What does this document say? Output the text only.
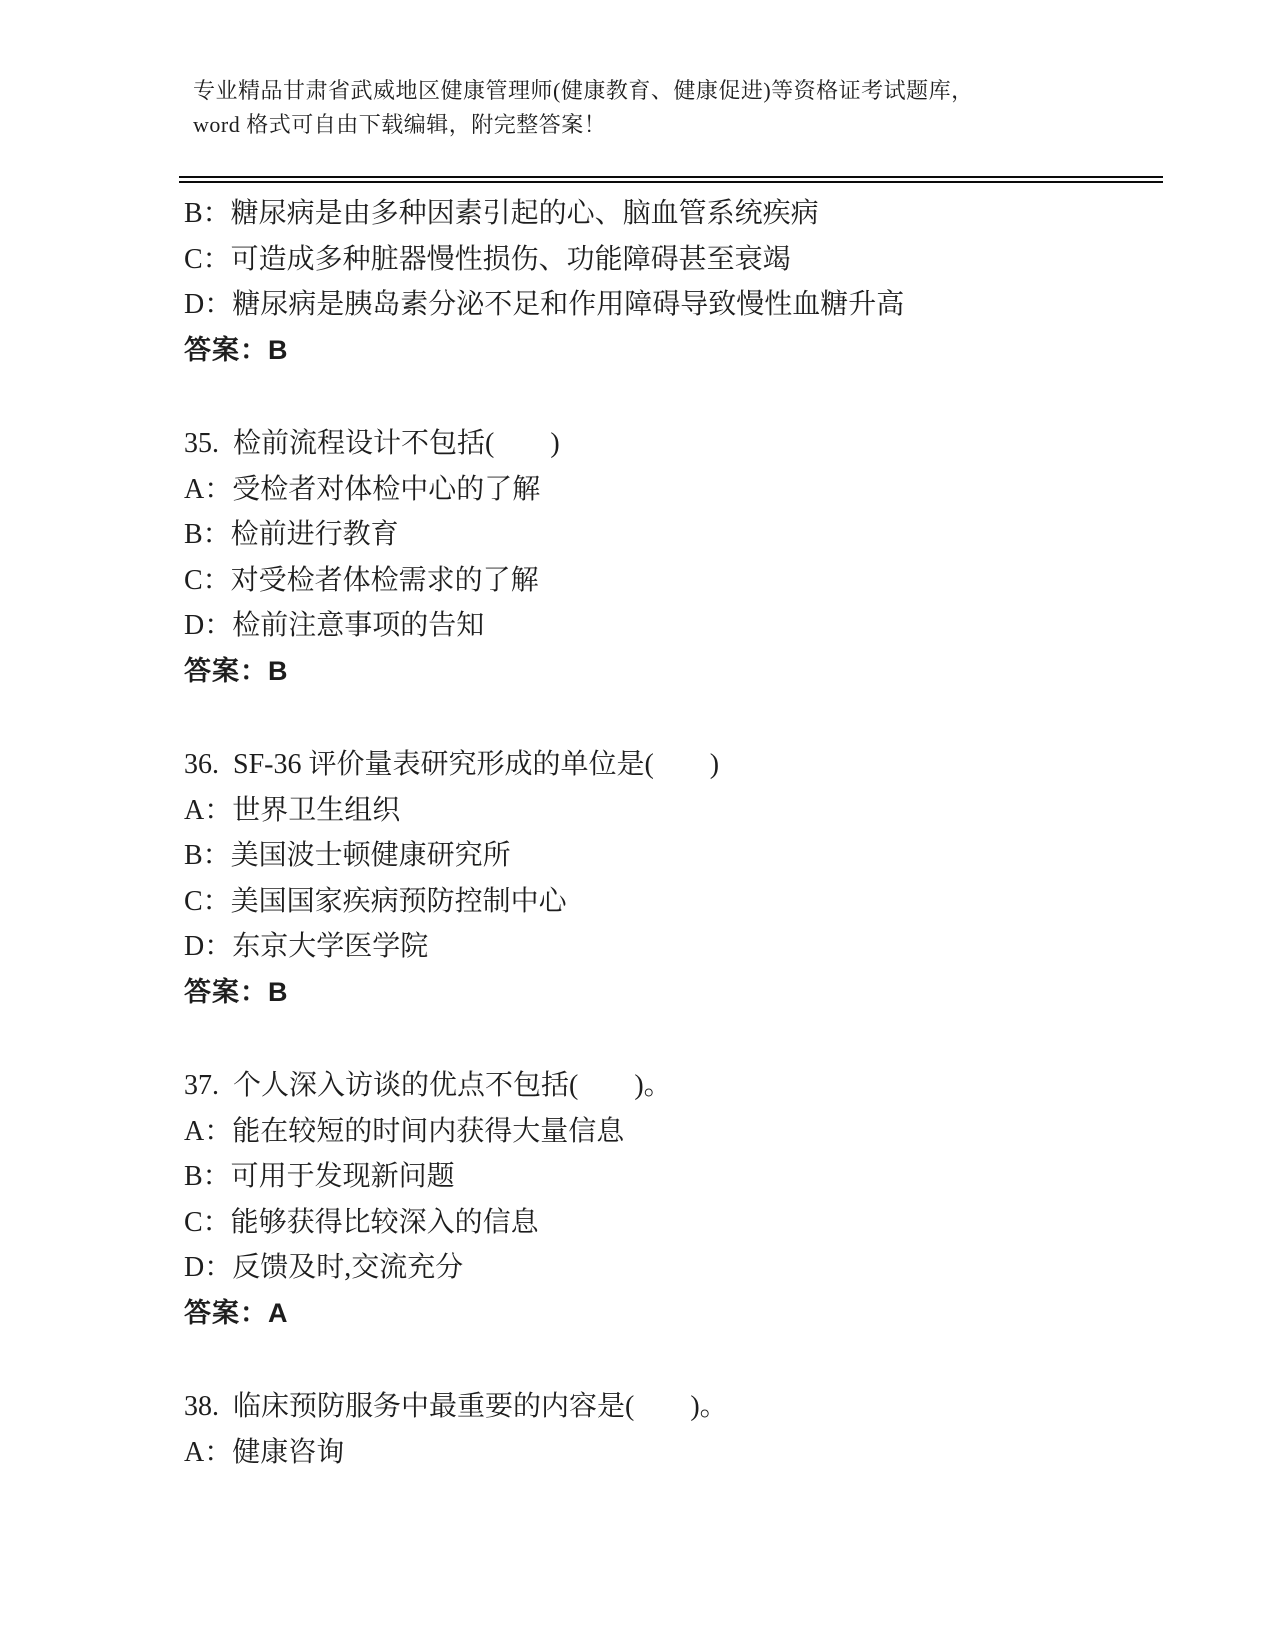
专业精品甘肃省武威地区健康管理师(健康教育、健康促进)等资格证考试题库，

word 格式可自由下载编辑，附完整答案！

B：糖尿病是由多种因素引起的心、脑血管系统疾病

C：可造成多种脏器慢性损伤、功能障碍甚至衰竭

D：糖尿病是胰岛素分泌不足和作用障碍导致慢性血糖升高

答案：B

35.  检前流程设计不包括(　　)

A：受检者对体检中心的了解

B：检前进行教育

C：对受检者体检需求的了解

D：检前注意事项的告知

答案：B

36.  SF-36 评价量表研究形成的单位是(　　)

A：世界卫生组织

B：美国波士顿健康研究所

C：美国国家疾病预防控制中心

D：东京大学医学院

答案：B

37.  个人深入访谈的优点不包括(　　)。

A：能在较短的时间内获得大量信息

B：可用于发现新问题

C：能够获得比较深入的信息

D：反馈及时,交流充分

答案：A

38.  临床预防服务中最重要的内容是(　　)。

A：健康咨询
